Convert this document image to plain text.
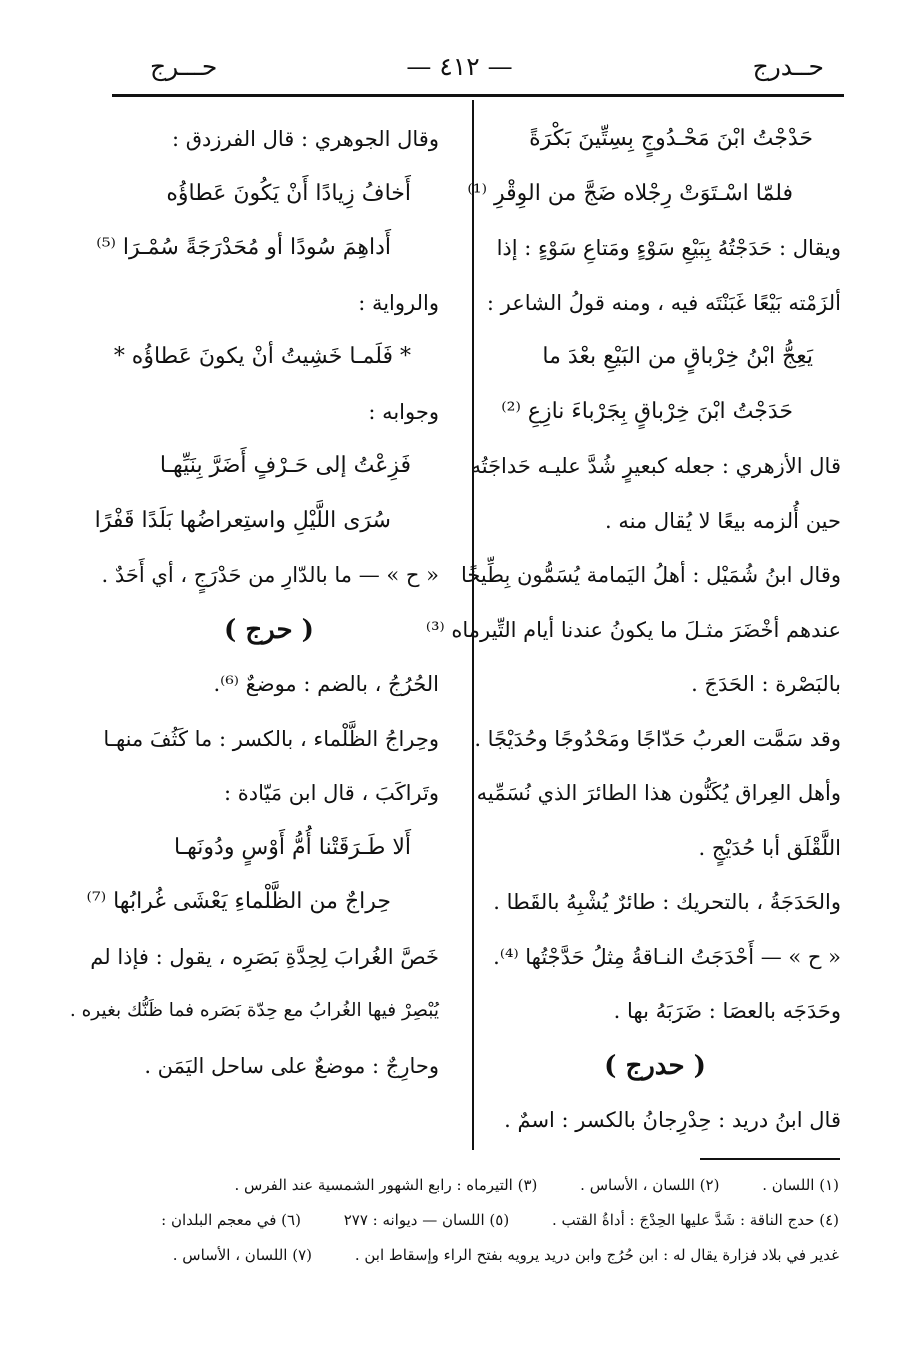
حــدرج
— ٤١٢ —
حـــرج
حَدْجْتُ ابْنَ مَحْـدُوجٍ بِسِتِّينَ بَكْرَةً
فلمّا اسْـتَوَتْ رِجْلاه ضَجَّ من الوِقْرِ ⁽¹⁾
ويقال : حَدَجْتُهُ بِبَيْعِ سَوْءٍ ومَتاعِ سَوْءٍ : إذا
ألزَمْته بَيْعًا غَبَنْتَه فيه ، ومنه قولُ الشاعر :
يَعِجُّ ابْنُ خِرْباقٍ من البَيْعِ بعْدَ ما
حَدَجْتُ ابْنَ خِرْباقٍ بِجَرْباءَ نازِعِ ⁽²⁾
قال الأزهري : جعله كبعيرٍ شُدَّ عليـه حَداجَتُه
حين أُلزمه بيعًا لا يُقال منه .
وقال ابنُ شُمَيْل : أهلُ اليَمامة يُسَمُّون بِطِّيخًا
عندهم أخْضَرَ مثـلَ ما يكونُ عندنا أيام التِّيرماه ⁽³⁾
بالبَصْرة : الحَدَجَ .
وقد سَمَّت العربُ حَدّاجًا ومَحْدُوجًا وحُدَيْجًا .
وأهل العِراق يُكَنُّون هذا الطائرَ الذي نُسَمِّيه
اللَّقْلَق أبا حُدَيْجٍ .
والحَدَجَةُ ، بالتحريك : طائرٌ يُشْبِهُ بالقَطا .
« ح » — أَحْدَجَتُ النـاقةُ مِثلُ حَدَّجْتُها ⁽⁴⁾.
وحَدَجَه بالعصَا : ضَرَبَهُ بها .
( حدرج )
قال ابنُ دريد : حِدْرِجانُ بالكسر : اسمٌ .
وقال الجوهري : قال الفرزدق :
أَخافُ زِيادًا أَنْ يَكُونَ عَطاؤُه
أَداهِمَ سُودًا أو مُحَدْرَجَةً سُمْـرَا ⁽⁵⁾
والرواية :
* فَلَمـا خَشِيتُ أنْ يكونَ عَطاؤُه *
وجوابه :
فَزِعْتُ إلى حَـرْفٍ أَضَرَّ بِنَيِّهـا
سُرَى اللَّيْلِ واستِعراضُها بَلَدًا قَفْرًا
« ح » — ما بالدّارِ من حَدْرَجٍ ، أي أَحَدٌ .
( حرج )
الحُرُجُ ، بالضم : موضعٌ ⁽⁶⁾.
وحِراجُ الظَّلْماء ، بالكسر : ما كَثُفَ منهـا
وتَراكَبَ ، قال ابن مَيّادة :
أَلا طَـرَقَتْنا أُمُّ أَوْسٍ ودُونَهـا
حِراجٌ من الظَّلْماءِ يَعْشَى غُرابُها ⁽⁷⁾
خَصَّ الغُرابَ لِحِدَّةِ بَصَرِه ، يقول : فإذا لم
يُبْصِرْ فيها الغُرابُ مع حِدّة بَصَره فما ظَنُّك بغيره .
وحارِجٌ : موضعٌ على ساحل اليَمَن .
(١) اللسان . (٢) اللسان ، الأساس . (٣) التيرماه : رابع الشهور الشمسية عند الفرس .
(٤) حدج الناقة : شَدَّ عليها الحِدْجَ : أداةُ القتب . (٥) اللسان — ديوانه : ٢٧٧ (٦) في معجم البلدان :
غدير في بلاد فزارة يقال له : ابن حُرُج وابن دريد يرويه بفتح الراء وإسقاط ابن . (٧) اللسان ، الأساس .
